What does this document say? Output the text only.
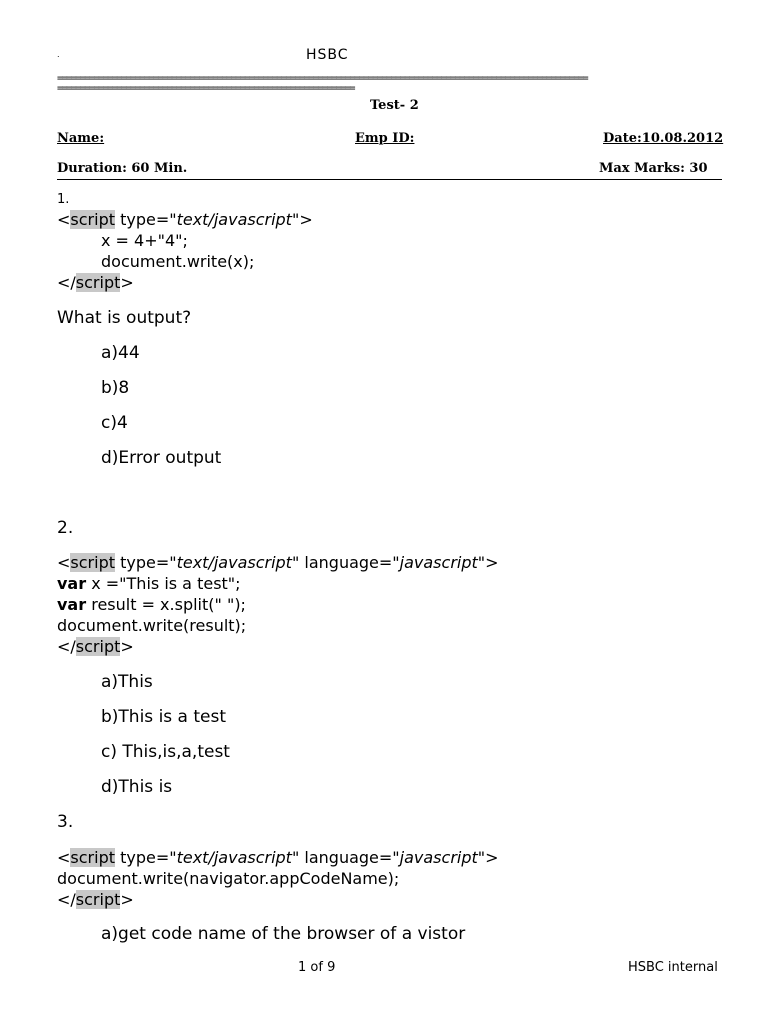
.	HSBC
====================================================================================================================
=================================================================
Test- 2
Name:	Emp ID:	Date:10.08.2012
Duration: 60 Min.	Max Marks: 30
1.
<script type="text/javascript">
x = 4+"4";
document.write(x);
</script>
What is output?
a)44
b)8
c)4
d)Error output
2.
<script type="text/javascript" language="javascript">
var x ="This is a test";
var result = x.split(" ");
document.write(result);
</script>
a)This
b)This is a test
c) This,is,a,test
d)This is
3.
<script type="text/javascript" language="javascript">
document.write(navigator.appCodeName);
</script>
a)get code name of the browser of a vistor
1 of 9	HSBC internal
